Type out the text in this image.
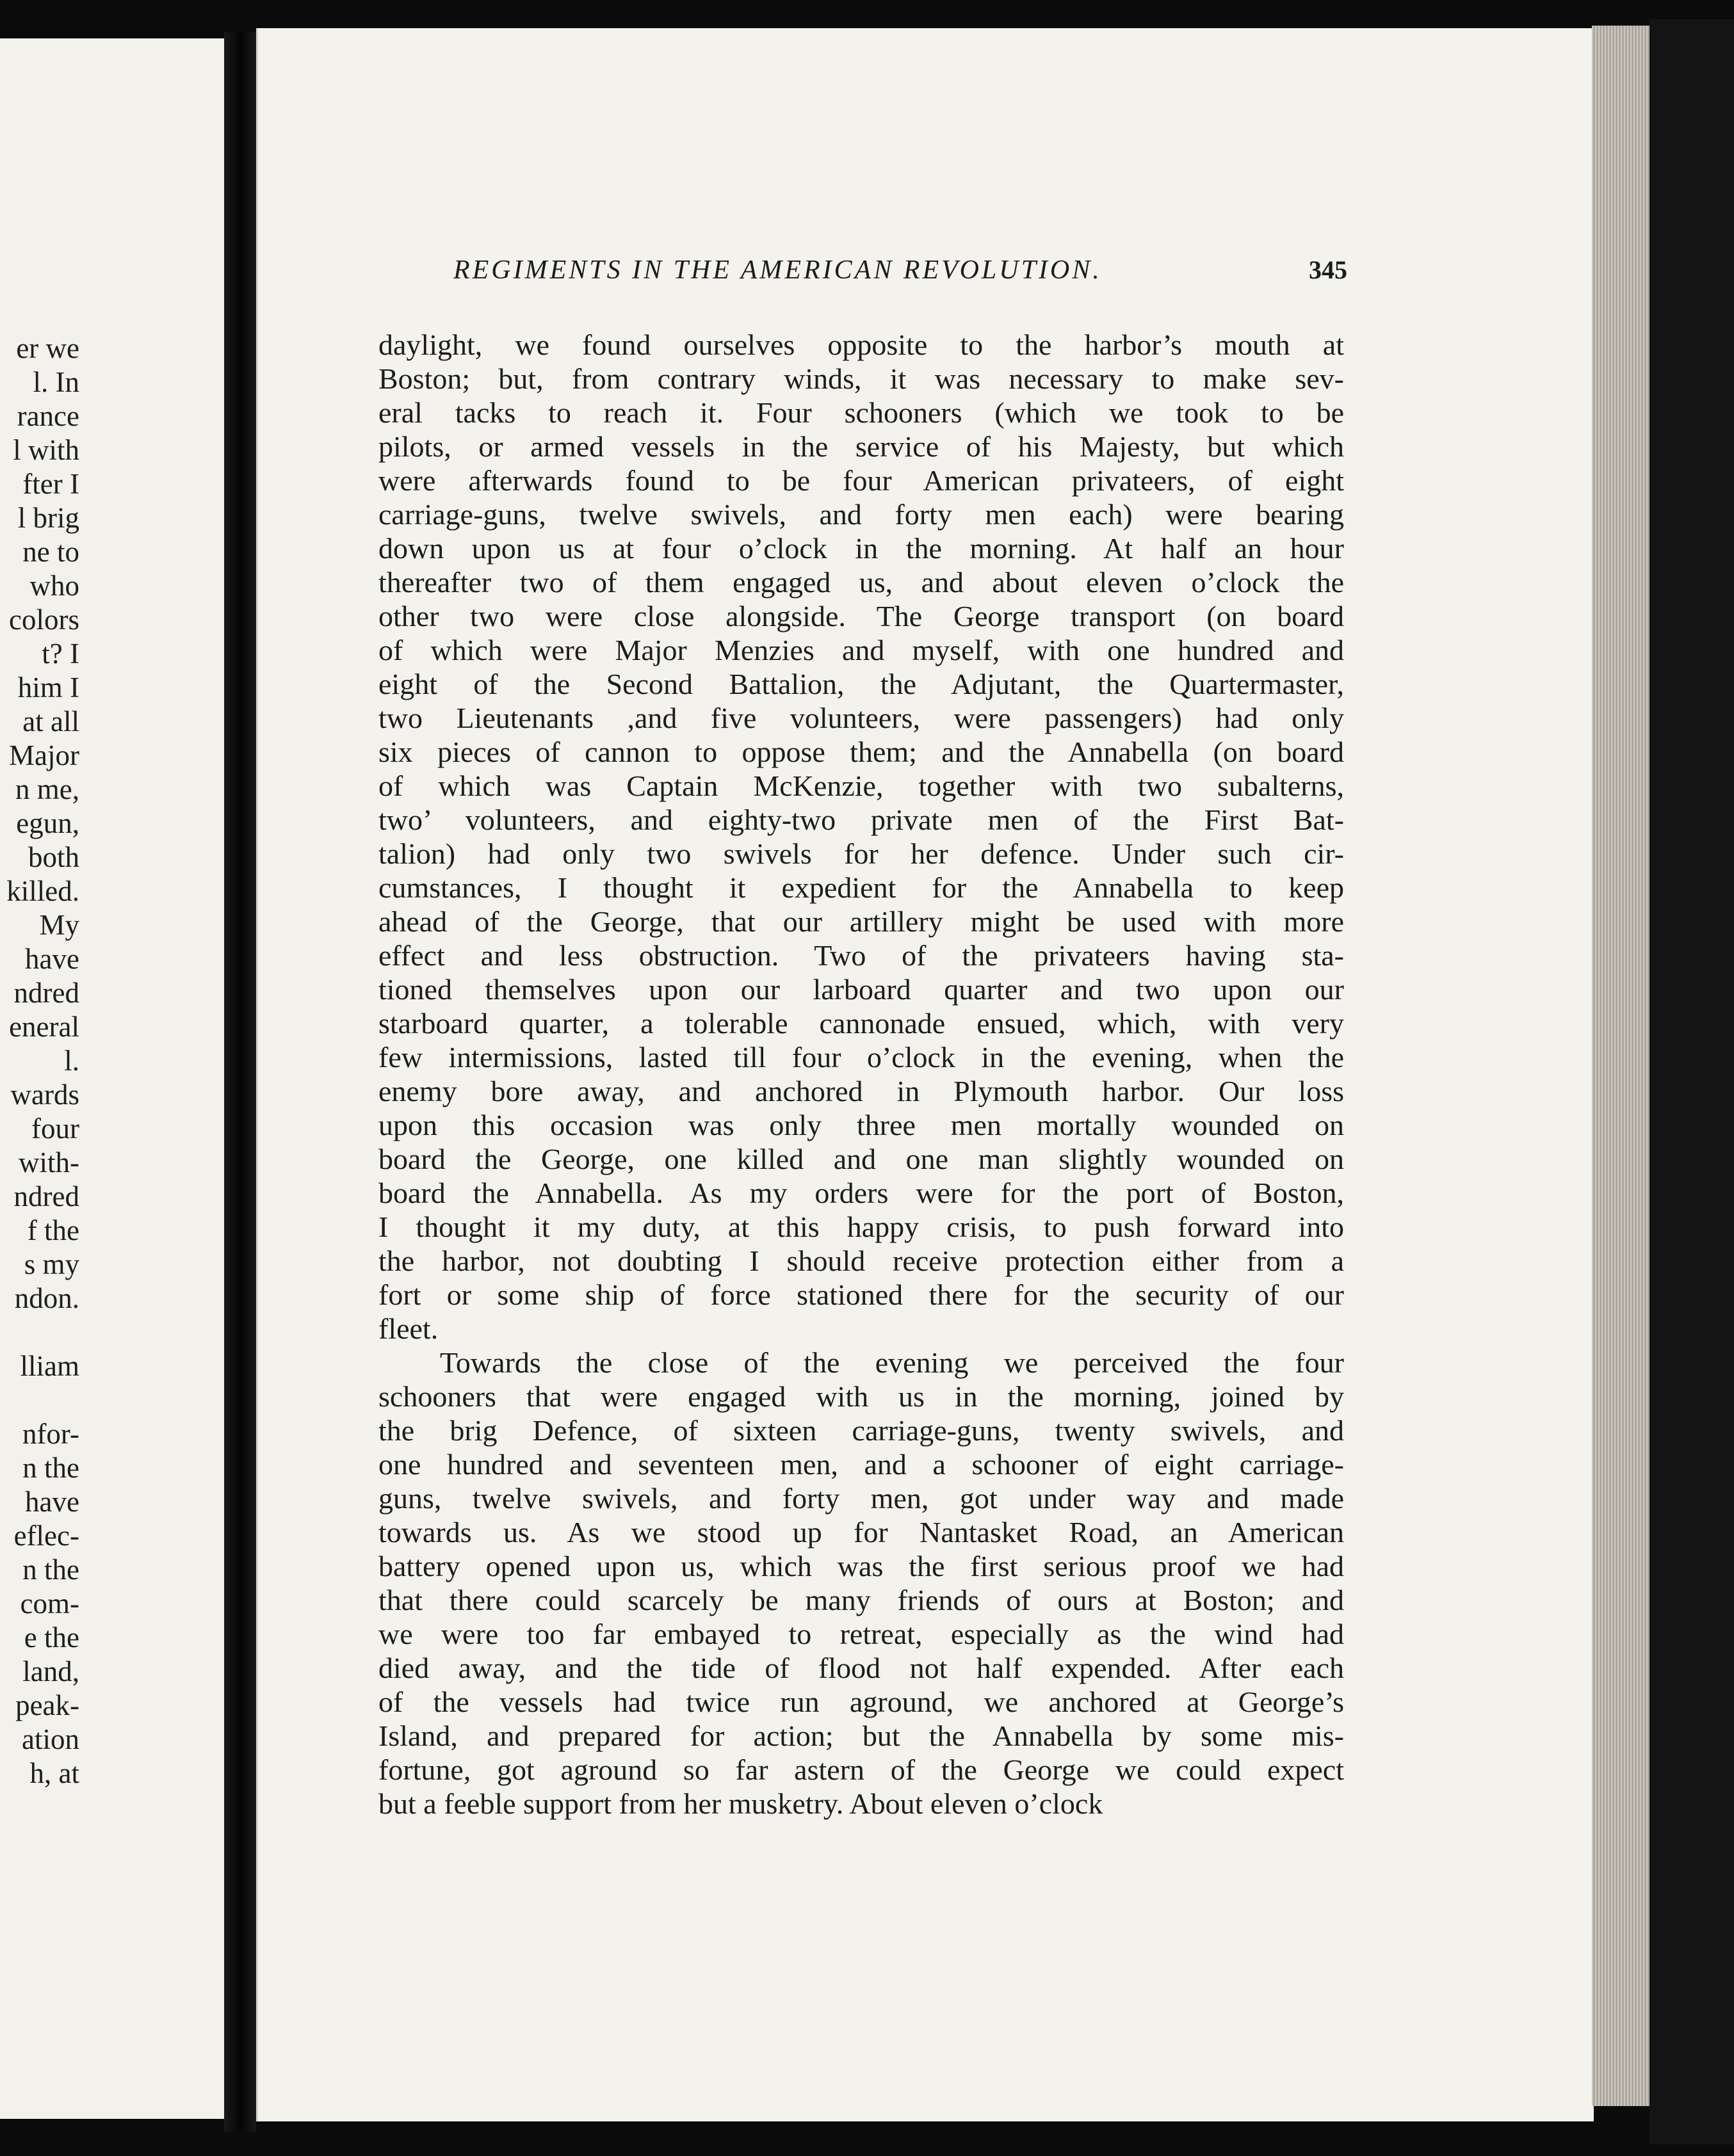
er we
l. In
rance
l with
fter I
l brig
ne to
who
colors
t? I
him I
at all
Major
n me,
egun,
both
killed.
My
have
ndred
eneral
l.
wards
four
with-
ndred
f the
s my
ndon.
lliam
nfor-
n the
have
eflec-
n the
com-
e the
land,
peak-
ation
h, at
REGIMENTS IN THE AMERICAN REVOLUTION.	345
daylight, we found ourselves opposite to the harbor’s mouth at
Boston; but, from contrary winds, it was necessary to make sev-
eral tacks to reach it. Four schooners (which we took to be
pilots, or armed vessels in the service of his Majesty, but which
were afterwards found to be four American privateers, of eight
carriage-guns, twelve swivels, and forty men each) were bearing
down upon us at four o’clock in the morning. At half an hour
thereafter two of them engaged us, and about eleven o’clock the
other two were close alongside. The George transport (on board
of which were Major Menzies and myself, with one hundred and
eight of the Second Battalion, the Adjutant, the Quartermaster,
two Lieutenants ,and five volunteers, were passengers) had only
six pieces of cannon to oppose them; and the Annabella (on board
of which was Captain McKenzie, together with two subalterns,
two’ volunteers, and eighty-two private men of the First Bat-
talion) had only two swivels for her defence. Under such cir-
cumstances, I thought it expedient for the Annabella to keep
ahead of the George, that our artillery might be used with more
effect and less obstruction. Two of the privateers having sta-
tioned themselves upon our larboard quarter and two upon our
starboard quarter, a tolerable cannonade ensued, which, with very
few intermissions, lasted till four o’clock in the evening, when the
enemy bore away, and anchored in Plymouth harbor. Our loss
upon this occasion was only three men mortally wounded on
board the George, one killed and one man slightly wounded on
board the Annabella. As my orders were for the port of Boston,
I thought it my duty, at this happy crisis, to push forward into
the harbor, not doubting I should receive protection either from a
fort or some ship of force stationed there for the security of our
fleet.
Towards the close of the evening we perceived the four
schooners that were engaged with us in the morning, joined by
the brig Defence, of sixteen carriage-guns, twenty swivels, and
one hundred and seventeen men, and a schooner of eight carriage-
guns, twelve swivels, and forty men, got under way and made
towards us. As we stood up for Nantasket Road, an American
battery opened upon us, which was the first serious proof we had
that there could scarcely be many friends of ours at Boston; and
we were too far embayed to retreat, especially as the wind had
died away, and the tide of flood not half expended. After each
of the vessels had twice run aground, we anchored at George’s
Island, and prepared for action; but the Annabella by some mis-
fortune, got aground so far astern of the George we could expect
but a feeble support from her musketry. About eleven o’clock
